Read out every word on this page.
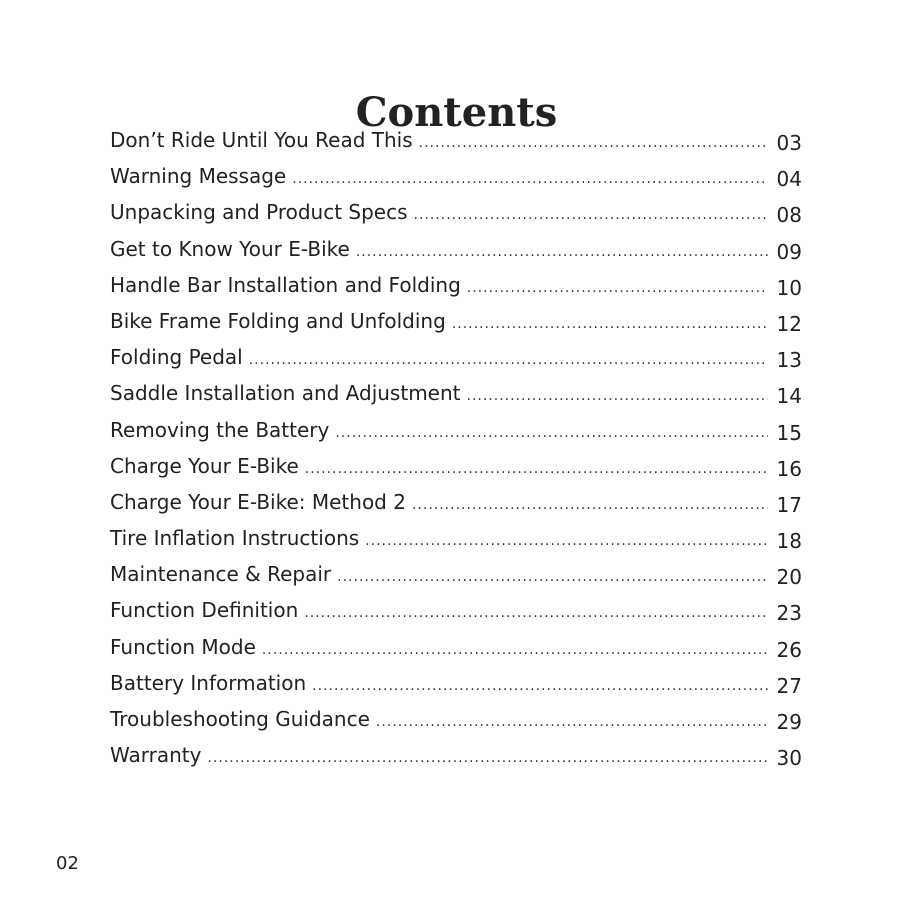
Contents
Don’t Ride Until You Read This .....	03
Warning Message .....	04
Unpacking and Product Specs .....	08
Get to Know Your E-Bike .....	09
Handle Bar Installation and Folding .....	10
Bike Frame Folding and Unfolding .....	12
Folding Pedal .....	13
Saddle Installation and Adjustment .....	14
Removing the Battery .....	15
Charge Your E-Bike .....	16
Charge Your E-Bike: Method 2 .....	17
Tire Inflation Instructions .....	18
Maintenance & Repair .....	20
Function Definition .....	23
Function Mode .....	26
Battery Information .....	27
Troubleshooting Guidance .....	29
Warranty .....	30
02
